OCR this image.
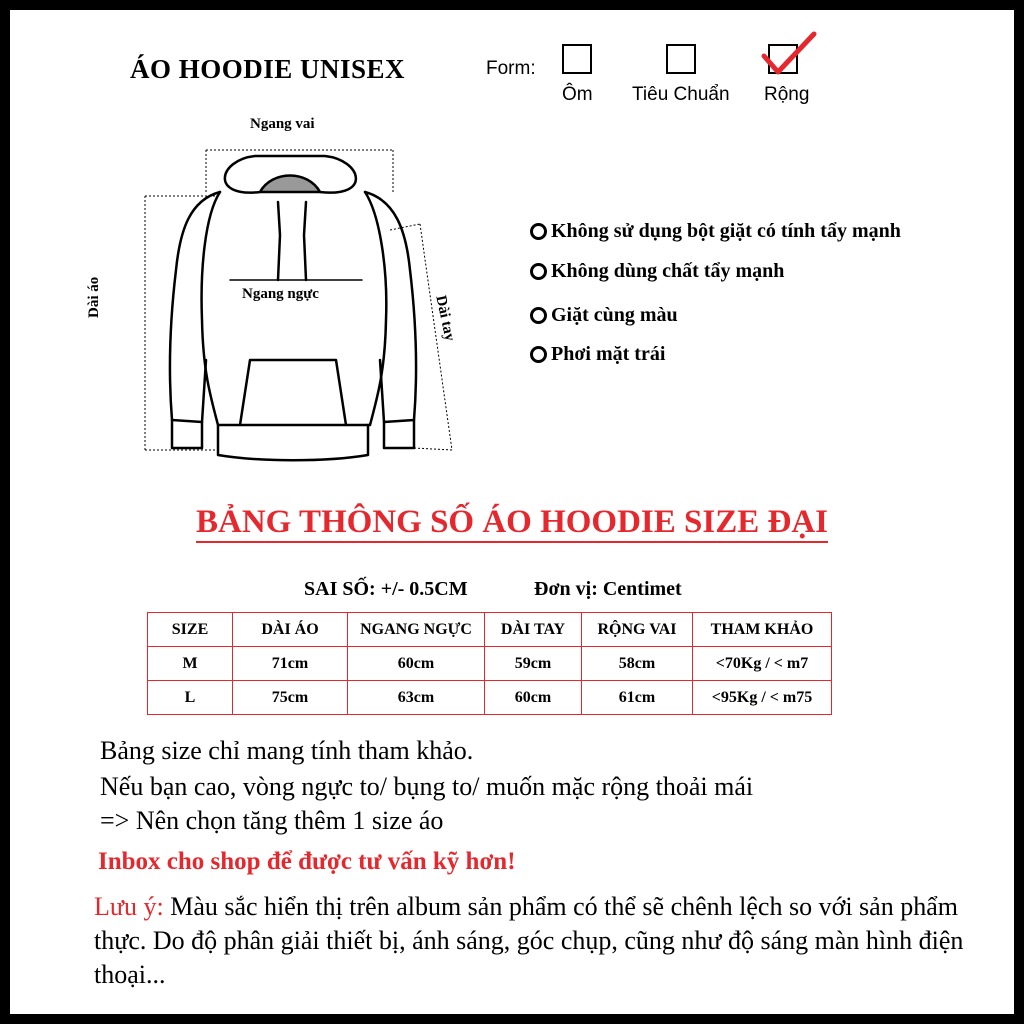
ÁO HOODIE UNISEX	Form:
Ôm Tiêu Chuẩn Rộng
Ngang vai
Ngang ngực
Dài áo	Dài tay
Không sử dụng bột giặt có tính tẩy mạnh
Không dùng chất tẩy mạnh
Giặt cùng màu
Phơi mặt trái
BẢNG THÔNG SỐ ÁO HOODIE SIZE ĐẠI
SAI SỐ: +/- 0.5CM	Đơn vị: Centimet
SIZE	DÀI ÁO	NGANG NGỰC	DÀI TAY	RỘNG VAI	THAM KHẢO
M	71cm	60cm	59cm	58cm	<70Kg / < m7
L	75cm	63cm	60cm	61cm	<95Kg / < m75
Bảng size chỉ mang tính tham khảo.
Nếu bạn cao, vòng ngực to/ bụng to/ muốn mặc rộng thoải mái
=> Nên chọn tăng thêm 1 size áo
Inbox cho shop để được tư vấn kỹ hơn!
Lưu ý: Màu sắc hiển thị trên album sản phẩm có thể sẽ chênh lệch so với sản phẩm thực. Do độ phân giải thiết bị, ánh sáng, góc chụp, cũng như độ sáng màn hình điện thoại...
